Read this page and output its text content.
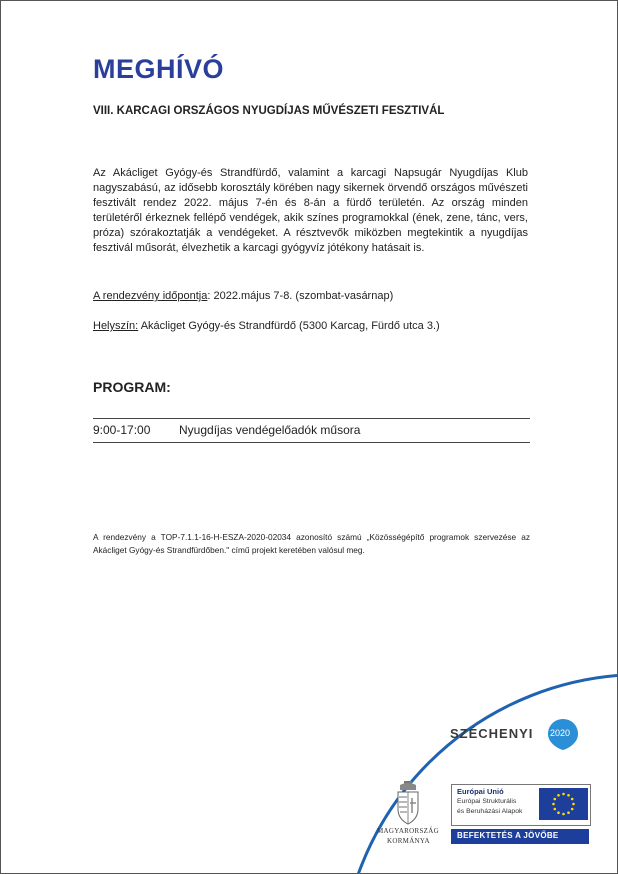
MEGHÍVÓ
VIII. KARCAGI ORSZÁGOS NYUGDÍJAS MŰVÉSZETI FESZTIVÁL
Az Akácliget Gyógy-és Strandfürdő, valamint a karcagi Napsugár Nyugdíjas Klub nagyszabású, az idősebb korosztály körében nagy sikernek örvendő országos művészeti fesztivált rendez 2022. május 7-én és 8-án a fürdő területén. Az ország minden területéről érkeznek fellépő vendégek, akik színes programokkal (ének, zene, tánc, vers, próza) szórakoztatják a vendégeket. A résztvevők miközben megtekintik a nyugdíjas fesztivál műsorát, élvezhetik a karcagi gyógyvíz jótékony hatásait is.
A rendezvény időpontja: 2022.május 7-8. (szombat-vasárnap)
Helyszín: Akácliget Gyógy-és Strandfürdő (5300 Karcag, Fürdő utca 3.)
PROGRAM:
9:00-17:00 Nyugdíjas vendégelőadók műsora
A rendezvény a TOP-7.1.1-16-H-ESZA-2020-02034 azonosító számú „Közösségépítő programok szervezése az Akácliget Gyógy-és Strandfürdőben." című projekt keretében valósul meg.
SZÉCHENYI 2020
MAGYARORSZÁG
KORMÁNYA
Európai Unió
Európai Strukturális
és Beruházási Alapok
BEFEKTETÉS A JÖVŐBE
